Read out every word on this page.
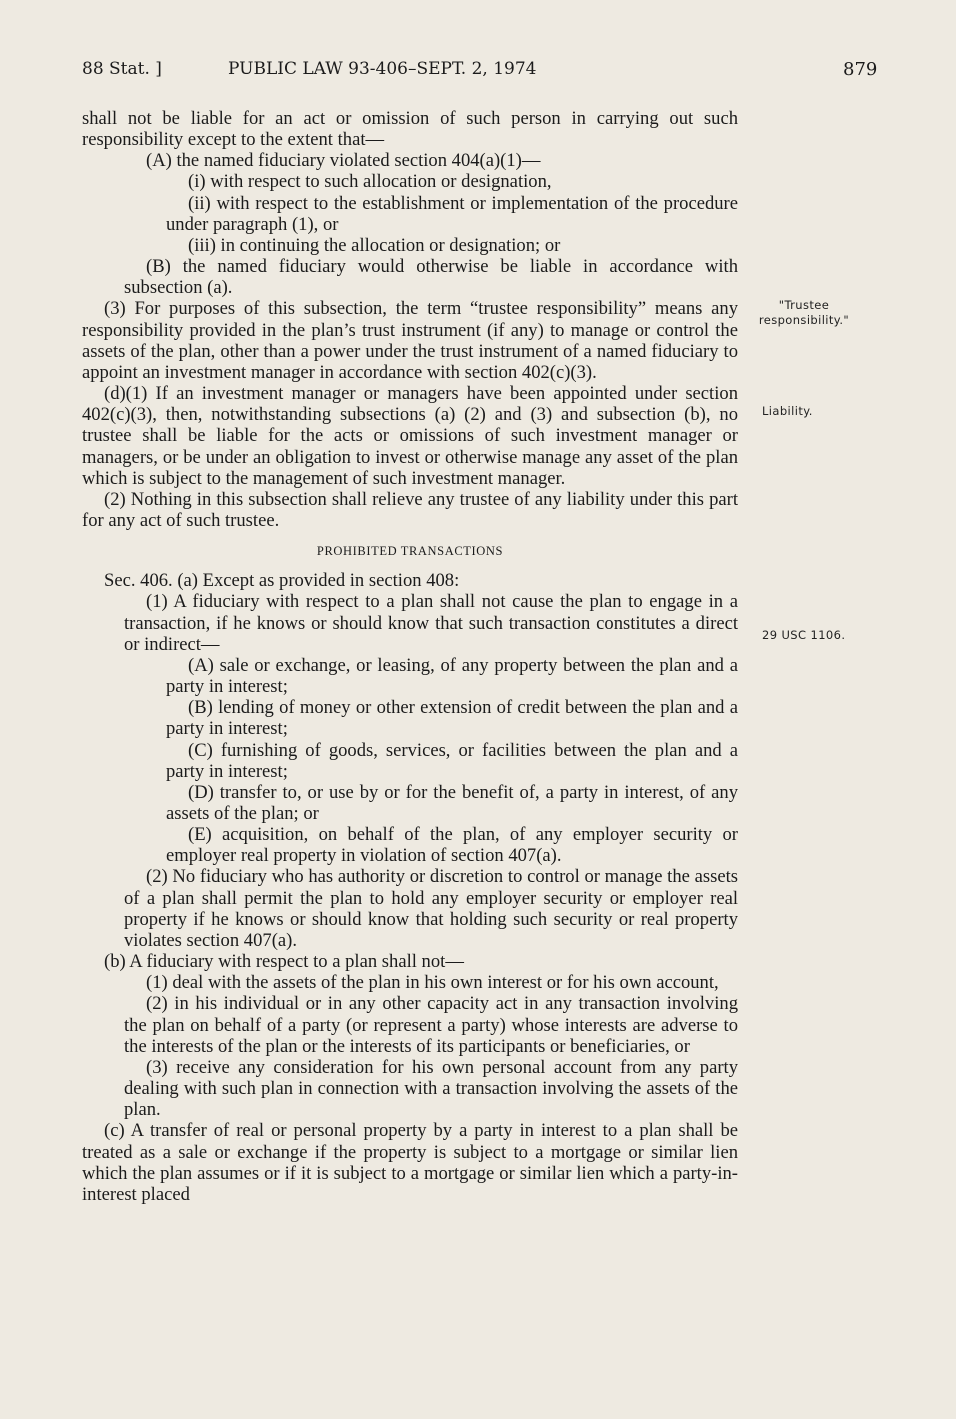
88 Stat. ]	PUBLIC LAW 93-406–SEPT. 2, 1974	879
"Trustee responsibility."
Liability.
29 USC 1106.

shall not be liable for an act or omission of such person in carrying out such responsibility except to the extent that—

(A) the named fiduciary violated section 404(a)(1)—

(i) with respect to such allocation or designation,

(ii) with respect to the establishment or implementation of the procedure under paragraph (1), or

(iii) in continuing the allocation or designation; or

(B) the named fiduciary would otherwise be liable in accordance with subsection (a).

(3) For purposes of this subsection, the term “trustee responsibility” means any responsibility provided in the plan’s trust instrument (if any) to manage or control the assets of the plan, other than a power under the trust instrument of a named fiduciary to appoint an investment manager in accordance with section 402(c)(3).

(d)(1) If an investment manager or managers have been appointed under section 402(c)(3), then, notwithstanding subsections (a) (2) and (3) and subsection (b), no trustee shall be liable for the acts or omissions of such investment manager or managers, or be under an obligation to invest or otherwise manage any asset of the plan which is subject to the management of such investment manager.

(2) Nothing in this subsection shall relieve any trustee of any liability under this part for any act of such trustee.

PROHIBITED TRANSACTIONS

Sec. 406. (a) Except as provided in section 408:

(1) A fiduciary with respect to a plan shall not cause the plan to engage in a transaction, if he knows or should know that such transaction constitutes a direct or indirect—

(A) sale or exchange, or leasing, of any property between the plan and a party in interest;

(B) lending of money or other extension of credit between the plan and a party in interest;

(C) furnishing of goods, services, or facilities between the plan and a party in interest;

(D) transfer to, or use by or for the benefit of, a party in interest, of any assets of the plan; or

(E) acquisition, on behalf of the plan, of any employer security or employer real property in violation of section 407(a).

(2) No fiduciary who has authority or discretion to control or manage the assets of a plan shall permit the plan to hold any employer security or employer real property if he knows or should know that holding such security or real property violates section 407(a).

(b) A fiduciary with respect to a plan shall not—

(1) deal with the assets of the plan in his own interest or for his own account,

(2) in his individual or in any other capacity act in any transaction involving the plan on behalf of a party (or represent a party) whose interests are adverse to the interests of the plan or the interests of its participants or beneficiaries, or

(3) receive any consideration for his own personal account from any party dealing with such plan in connection with a transaction involving the assets of the plan.

(c) A transfer of real or personal property by a party in interest to a plan shall be treated as a sale or exchange if the property is subject to a mortgage or similar lien which the plan assumes or if it is subject to a mortgage or similar lien which a party-in-interest placed
